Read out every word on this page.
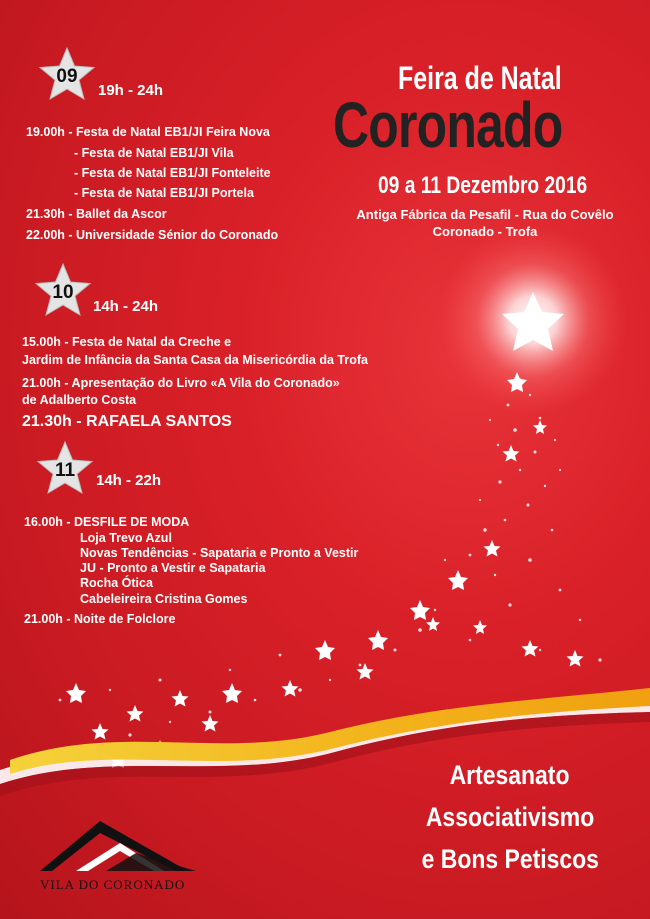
Feira de Natal
Coronado
09 a 11 Dezembro 2016
Antiga Fábrica da Pesafil - Rua do Covêlo
Coronado - Trofa
09
19h - 24h
19.00h - Festa de Natal EB1/JI Feira Nova
- Festa de Natal EB1/JI Vila
- Festa de Natal EB1/JI Fonteleite
- Festa de Natal EB1/JI Portela
21.30h - Ballet da Ascor
22.00h - Universidade Sénior do Coronado
10
14h - 24h
15.00h - Festa de Natal da Creche e
Jardim de Infância da Santa Casa da Misericórdia da Trofa
21.00h - Apresentação do Livro «A Vila do Coronado»
de Adalberto Costa
21.30h - RAFAELA SANTOS
11	14h - 22h
16.00h - DESFILE DE MODA
Loja Trevo Azul
Novas Tendências - Sapataria e Pronto a Vestir
JU - Pronto a Vestir e Sapataria
Rocha Ótica
Cabeleireira Cristina Gomes
21.00h - Noite de Folclore
Artesanato
Associativismo
e Bons Petiscos
VILA DO CORONADO
